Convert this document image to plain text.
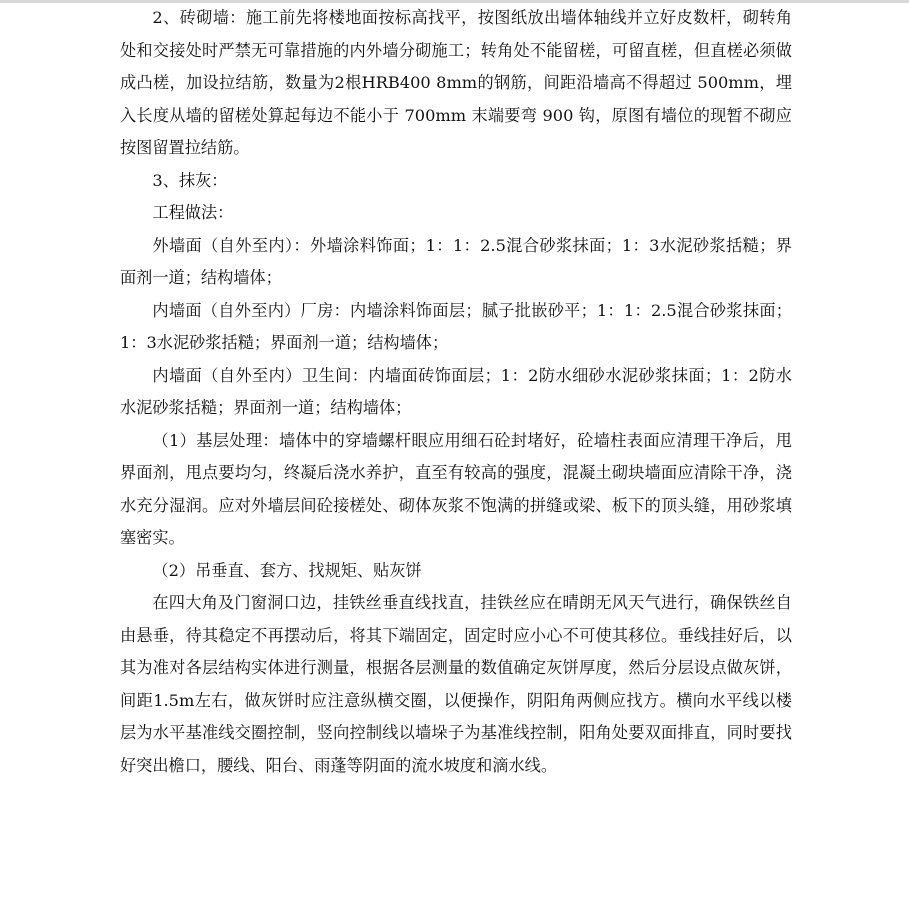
2、砖砌墙：施工前先将楼地面按标高找平，按图纸放出墙体轴线并立好皮数杆，砌转角处和交接处时严禁无可靠措施的内外墙分砌施工；转角处不能留槎，可留直槎，但直槎必须做成凸槎，加设拉结筋，数量为2根HRB400 8mm的钢筋，间距沿墙高不得超过 500mm，埋入长度从墙的留槎处算起每边不能小于 700mm 末端要弯 900 钩，原图有墙位的现暂不砌应按图留置拉结筋。

3、抹灰：

工程做法：

外墙面（自外至内）：外墙涂料饰面；1：1：2.5混合砂浆抹面；1：3水泥砂浆括糙；界面剂一道；结构墙体；

内墙面（自外至内）厂房：内墙涂料饰面层；腻子批嵌砂平；1：1：2.5混合砂浆抹面；1：3水泥砂浆括糙；界面剂一道；结构墙体；

内墙面（自外至内）卫生间：内墙面砖饰面层；1：2防水细砂水泥砂浆抹面；1：2防水水泥砂浆括糙；界面剂一道；结构墙体；

（1）基层处理：墙体中的穿墙螺杆眼应用细石砼封堵好，砼墙柱表面应清理干净后，甩界面剂，甩点要均匀，终凝后浇水养护，直至有较高的强度，混凝土砌块墙面应清除干净，浇水充分湿润。应对外墙层间砼接槎处、砌体灰浆不饱满的拼缝或梁、板下的顶头缝，用砂浆填塞密实。

（2）吊垂直、套方、找规矩、贴灰饼

在四大角及门窗洞口边，挂铁丝垂直线找直，挂铁丝应在晴朗无风天气进行，确保铁丝自由悬垂，待其稳定不再摆动后，将其下端固定，固定时应小心不可使其移位。垂线挂好后，以其为准对各层结构实体进行测量，根据各层测量的数值确定灰饼厚度，然后分层设点做灰饼，间距1.5m左右，做灰饼时应注意纵横交圈，以便操作，阴阳角两侧应找方。横向水平线以楼层为水平基准线交圈控制，竖向控制线以墙垛子为基准线控制，阳角处要双面排直，同时要找好突出檐口，腰线、阳台、雨蓬等阴面的流水坡度和滴水线。
